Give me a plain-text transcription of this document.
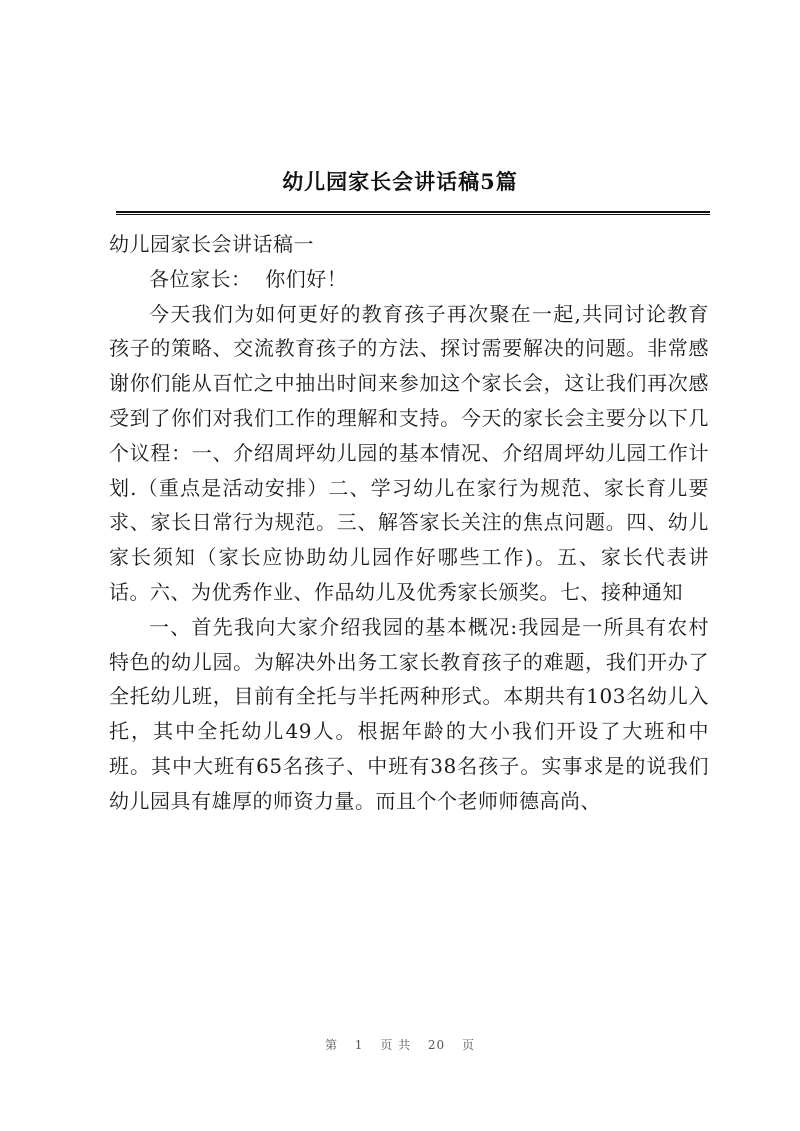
幼儿园家长会讲话稿5篇

幼儿园家长会讲话稿一

各位家长：  你们好！

今天我们为如何更好的教育孩子再次聚在一起,共同讨论教育孩子的策略、交流教育孩子的方法、探讨需要解决的问题。非常感谢你们能从百忙之中抽出时间来参加这个家长会，这让我们再次感受到了你们对我们工作的理解和支持。今天的家长会主要分以下几个议程：一、介绍周坪幼儿园的基本情况、介绍周坪幼儿园工作计划.（重点是活动安排）二、学习幼儿在家行为规范、家长育儿要求、家长日常行为规范。三、解答家长关注的焦点问题。四、幼儿家长须知（家长应协助幼儿园作好哪些工作)。五、家长代表讲话。六、为优秀作业、作品幼儿及优秀家长颁奖。七、接种通知

一、首先我向大家介绍我园的基本概况:我园是一所具有农村特色的幼儿园。为解决外出务工家长教育孩子的难题，我们开办了全托幼儿班，目前有全托与半托两种形式。本期共有103名幼儿入托，其中全托幼儿49人。根据年龄的大小我们开设了大班和中班。其中大班有65名孩子、中班有38名孩子。实事求是的说我们幼儿园具有雄厚的师资力量。而且个个老师师德高尚、

第 1 页 共 20 页
